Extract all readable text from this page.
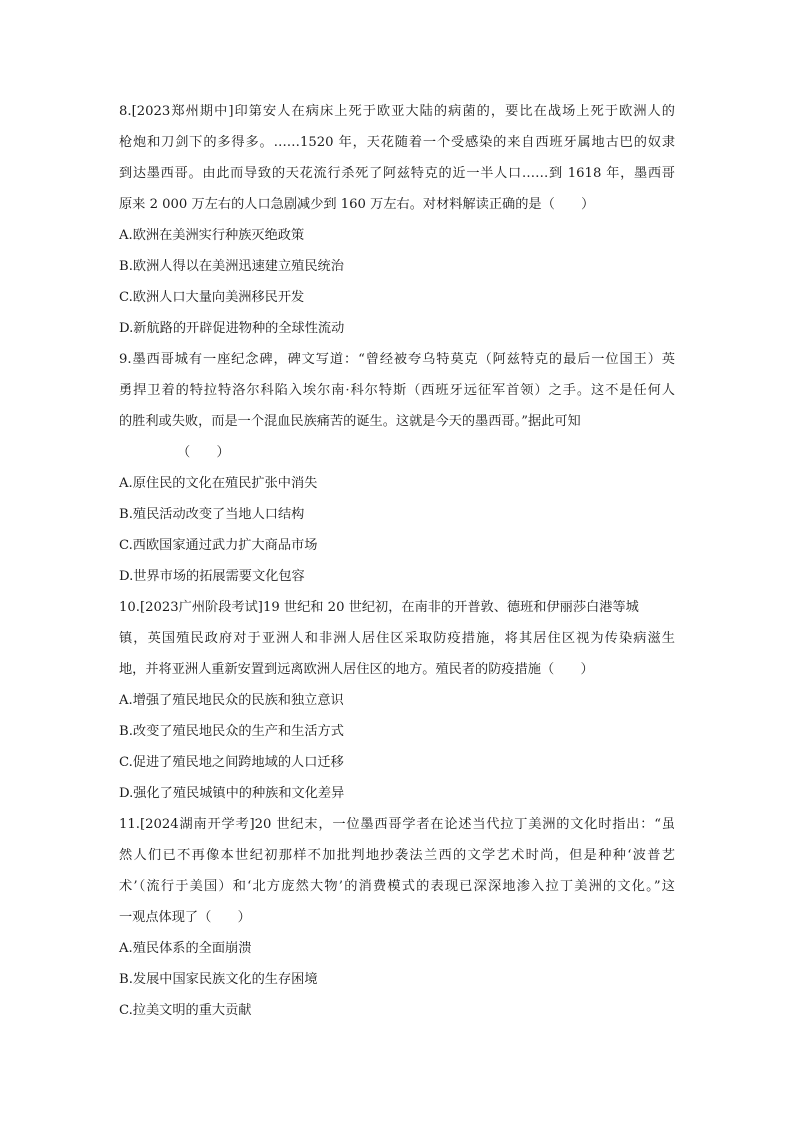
8.[2023郑州期中]印第安人在病床上死于欧亚大陆的病菌的，要比在战场上死于欧洲人的
枪炮和刀剑下的多得多。……1520 年，天花随着一个受感染的来自西班牙属地古巴的奴隶
到达墨西哥。由此而导致的天花流行杀死了阿兹特克的近一半人口……到 1618 年，墨西哥
原来 2 000 万左右的人口急剧减少到 160 万左右。对材料解读正确的是（　　）
A.欧洲在美洲实行种族灭绝政策
B.欧洲人得以在美洲迅速建立殖民统治
C.欧洲人口大量向美洲移民开发
D.新航路的开辟促进物种的全球性流动
9.墨西哥城有一座纪念碑，碑文写道：“曾经被夸乌特莫克（阿兹特克的最后一位国王）英
勇捍卫着的特拉特洛尔科陷入埃尔南·科尔特斯（西班牙远征军首领）之手。这不是任何人
的胜利或失败，而是一个混血民族痛苦的诞生。这就是今天的墨西哥。”据此可知
（　　）
A.原住民的文化在殖民扩张中消失
B.殖民活动改变了当地人口结构
C.西欧国家通过武力扩大商品市场
D.世界市场的拓展需要文化包容
10.[2023广州阶段考试]19 世纪和 20 世纪初，在南非的开普敦、德班和伊丽莎白港等城
镇，英国殖民政府对于亚洲人和非洲人居住区采取防疫措施，将其居住区视为传染病滋生
地，并将亚洲人重新安置到远离欧洲人居住区的地方。殖民者的防疫措施（　　）
A.增强了殖民地民众的民族和独立意识
B.改变了殖民地民众的生产和生活方式
C.促进了殖民地之间跨地域的人口迁移
D.强化了殖民城镇中的种族和文化差异
11.[2024湖南开学考]20 世纪末，一位墨西哥学者在论述当代拉丁美洲的文化时指出：“虽
然人们已不再像本世纪初那样不加批判地抄袭法兰西的文学艺术时尚，但是种种‘波普艺
术’（流行于美国）和‘北方庞然大物’的消费模式的表现已深深地渗入拉丁美洲的文化。”这
一观点体现了（　　）
A.殖民体系的全面崩溃
B.发展中国家民族文化的生存困境
C.拉美文明的重大贡献
